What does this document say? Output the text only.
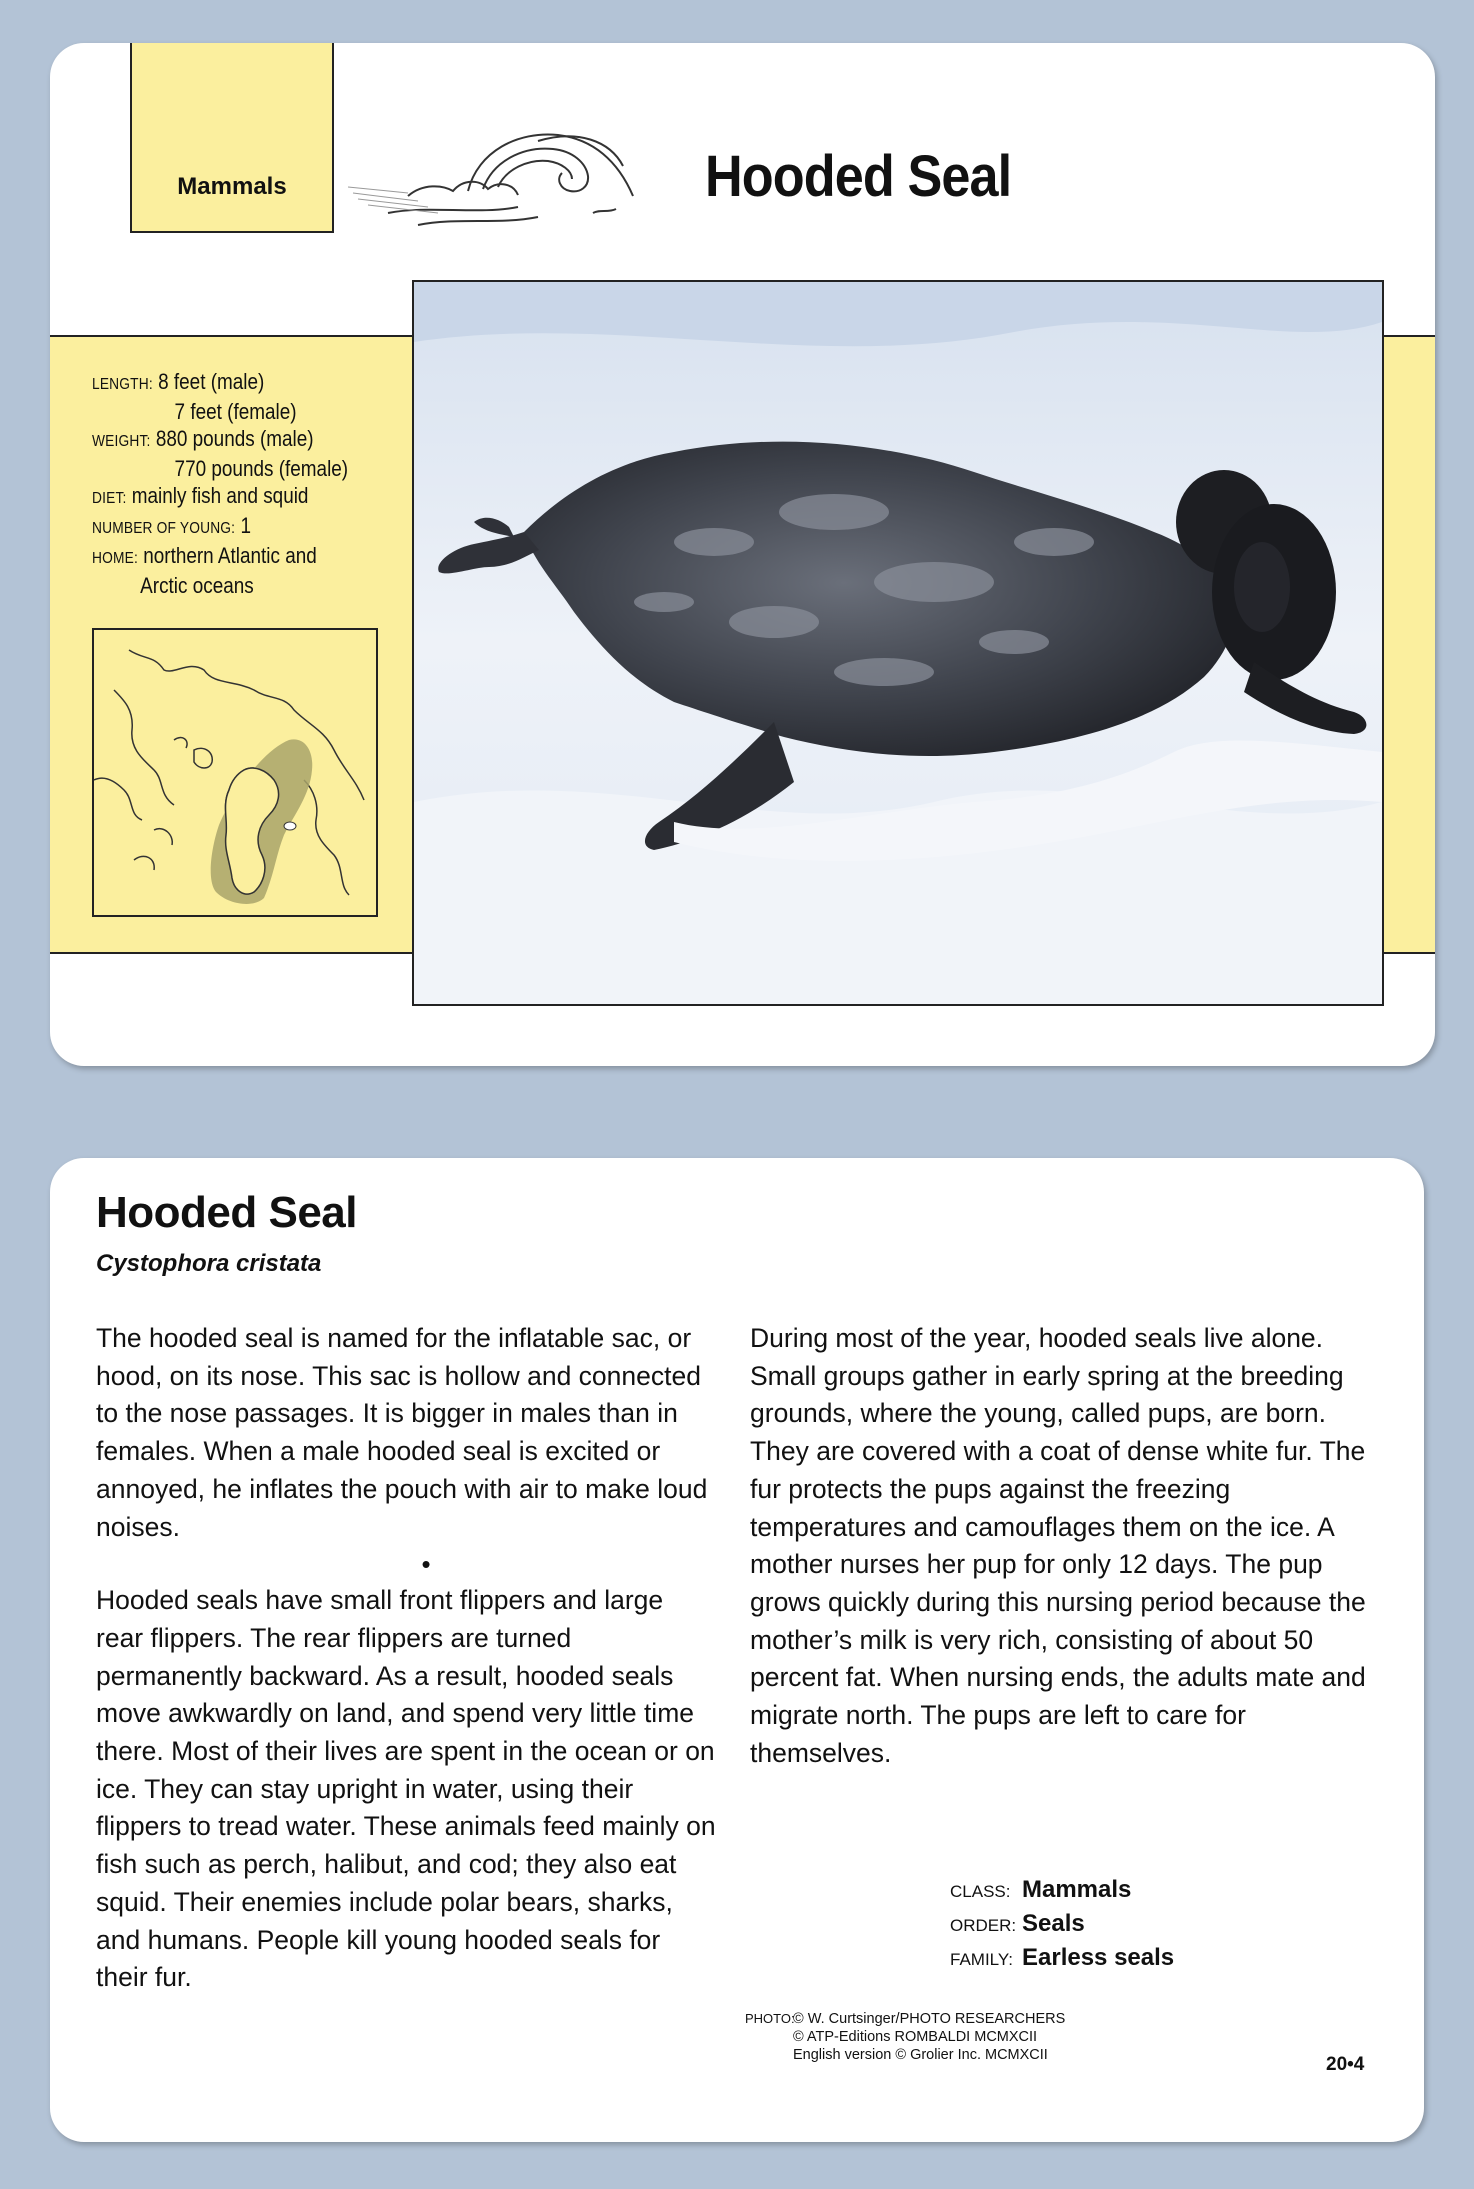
Mammals	Hooded Seal
LENGTH: 8 feet (male)
7 feet (female)
WEIGHT: 880 pounds (male)
770 pounds (female)
DIET: mainly fish and squid
NUMBER OF YOUNG: 1
HOME: northern Atlantic and
Arctic oceans
Hooded Seal
Cystophora cristata

The hooded seal is named for the inflatable sac, or hood, on its nose. This sac is hollow and connected to the nose passages. It is bigger in males than in females. When a male hooded seal is excited or annoyed, he inflates the pouch with air to make loud noises.

•

Hooded seals have small front flippers and large rear flippers. The rear flippers are turned permanently backward. As a result, hooded seals move awkwardly on land, and spend very little time there. Most of their lives are spent in the ocean or on ice. They can stay upright in water, using their flippers to tread water. These animals feed mainly on fish such as perch, halibut, and cod; they also eat squid. Their enemies include polar bears, sharks, and humans. People kill young hooded seals for their fur.

During most of the year, hooded seals live alone. Small groups gather in early spring at the breeding grounds, where the young, called pups, are born. They are covered with a coat of dense white fur. The fur protects the pups against the freezing temperatures and camouflages them on the ice. A mother nurses her pup for only 12 days. The pup grows quickly during this nursing period because the mother’s milk is very rich, consisting of about 50 percent fat. When nursing ends, the adults mate and migrate north. The pups are left to care for themselves.

CLASS: Mammals
ORDER: Seals
FAMILY: Earless seals
PHOTO:© W. Curtsinger/PHOTO RESEARCHERS
© ATP-Editions ROMBALDI MCMXCII
English version © Grolier Inc. MCMXCII	20•4
